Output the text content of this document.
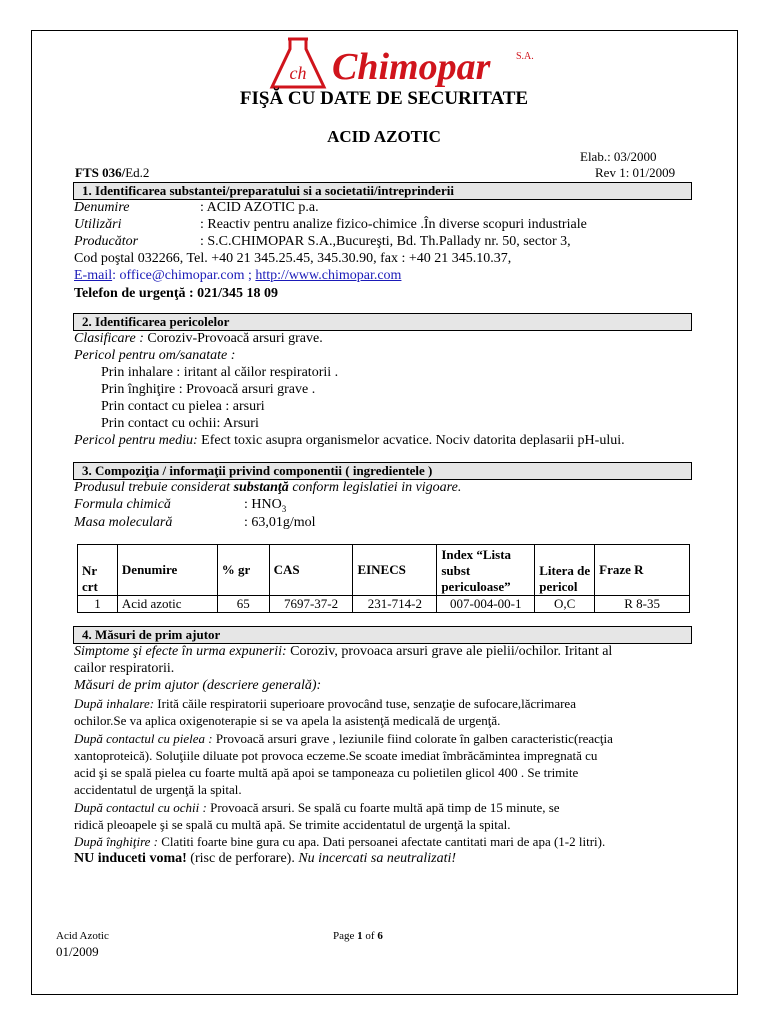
ch Chimopar	S.A.
FIŞĂ CU DATE DE SECURITATE
ACID AZOTIC
Elab.: 03/2000
FTS 036/Ed.2	Rev 1: 01/2009
1. Identificarea substantei/preparatului si a societatii/intreprinderii
Denumire	: ACID AZOTIC p.a.
Utilizări	: Reactiv pentru analize fizico-chimice .În diverse scopuri industriale
Producător	: S.C.CHIMOPAR S.A.,Bucureşti, Bd. Th.Pallady nr. 50, sector 3,
Cod poştal 032266, Tel. +40 21 345.25.45, 345.30.90, fax : +40 21 345.10.37,
E-mail: office@chimopar.com ; http://www.chimopar.com
Telefon de urgenţă : 021/345 18 09
2. Identificarea pericolelor
Clasificare : Coroziv-Provoacă arsuri grave.
Pericol pentru om/sanatate :
Prin inhalare : iritant al căilor respiratorii .
Prin înghiţire : Provoacă arsuri grave .
Prin contact cu pielea : arsuri
Prin contact cu ochii: Arsuri
Pericol pentru mediu: Efect toxic asupra organismelor acvatice. Nociv datorita deplasarii pH-ului.
3. Compoziţia / informaţii privind componentii ( ingredientele )
Produsul trebuie considerat substanţă conform legislatiei in vigoare.
Formula chimică	: $HNO_3$
Masa moleculară	: 63,01g/mol
Nr crt	Denumire	% gr	CAS	EINECS	Index “Lista subst periculoase”	Litera de pericol	Fraze R
1	Acid azotic	65	7697-37-2	231-714-2	007-004-00-1	O,C	R 8-35
4. Măsuri de prim ajutor
Simptome şi efecte în urma expunerii: Coroziv, provoaca arsuri grave ale pielii/ochilor. Iritant al
cailor respiratorii.
Măsuri de prim ajutor (descriere generală):
După inhalare: Irită căile respiratorii superioare provocând tuse, senzaţie de sufocare,lăcrimarea
ochilor.Se va aplica oxigenoterapie si se va apela la asistenţă medicală de urgenţă.
După contactul cu pielea : Provoacă arsuri grave , leziunile fiind colorate în galben caracteristic(reacţia
xantoproteică). Soluţiile diluate pot provoca eczeme.Se scoate imediat îmbrăcămintea impregnată cu
acid şi se spală pielea cu foarte multă apă apoi se tamponeaza cu polietilen glicol 400 . Se trimite
accidentatul de urgenţă la spital.
După contactul cu ochii : Provoacă arsuri. Se spală cu foarte multă apă timp de 15 minute, se
ridică pleoapele şi se spală cu multă apă. Se trimite accidentatul de urgenţă la spital.
După înghiţire : Clatiti foarte bine gura cu apa. Dati persoanei afectate cantitati mari de apa (1-2 litri).
NU induceti voma! (risc de perforare). Nu incercati sa neutralizati!
Acid Azotic
01/2009
Page 1 of 6
